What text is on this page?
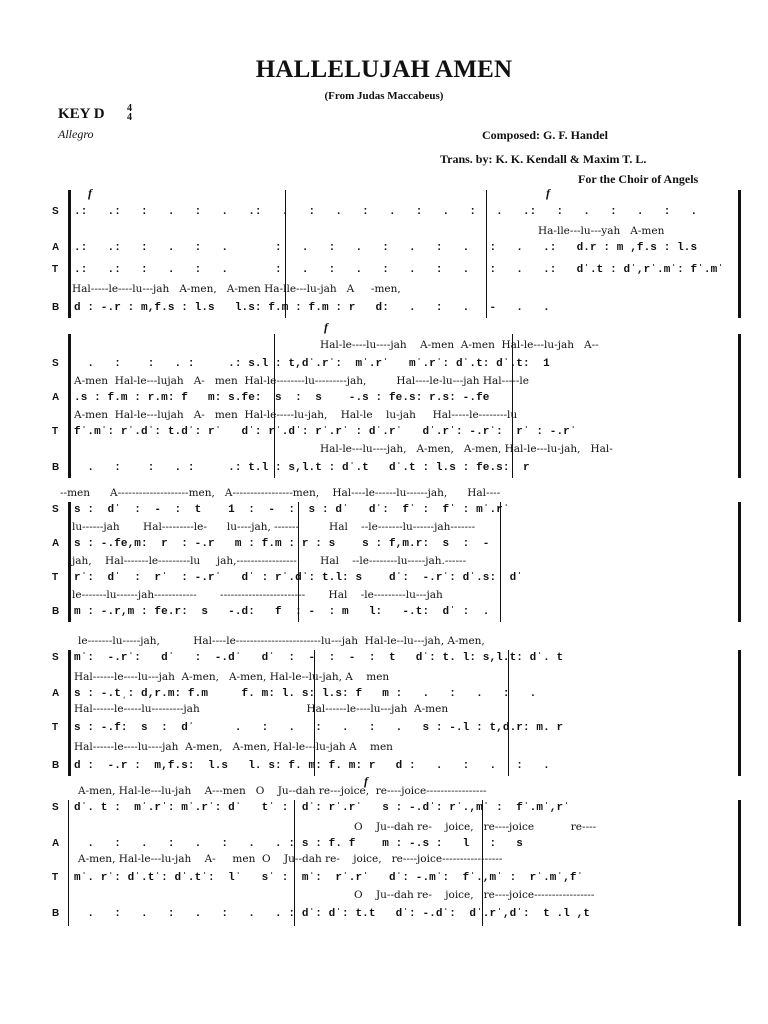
HALLELUJAH AMEN
(From Judas Maccabeus)
KEY D 4
4
Allegro	Composed: G. F. Handel
Trans. by: K. K. Kendall & Maxim T. L.
For the Choir of Angels
f	f
S	.:   .:   :   .   :   .   .:   .   :   .   :   .   :   .   :   .   .:   :   .   :   .   :   .
Ha-lle---lu---yah   A-men
A	.:   .:   :   .   :   .       :   .   :   .   :   .   :   .   :   .   .:   d.r : m ,f.s : l.s
T	.:   .:   :   .   :   .       :   .   :   .   :   .   :   .   :   .   .:   dˈ.t : dˈ,rˈ.mˈ: fˈ.mˈ
Hal-----le----lu---jah   A-men,   A-men Ha-lle---lu-jah   A     -men,
B	d : -.r : m,f.s : l.s   l.s: f.m : f.m : r   d:   .   :   .   -   .   .
f
Hal-le----lu----jah    A-men  A-men  Hal-le---lu-jah   A--
S	.   :    :   . :     .: s.l : t,dˈ.rˈ:  mˈ.rˈ   mˈ.rˈ: dˈ.t: dˈ.t:  1
A-men  Hal-le---lujah   A-   men  Hal-le--------lu---------jah,         Hal----le-lu---jah Hal-----le
A	.s : f.m : r.m: f   m: s.fe:  s  :  s    -.s : fe.s: r.s: -.fe
A-men  Hal-le---lujah   A-   men  Hal-le-----lu-jah,    Hal-le    lu-jah     Hal-----le--------lu
T	fˈ.mˈ: rˈ.dˈ: t.dˈ: rˈ   dˈ: rˈ.dˈ: rˈ.rˈ : dˈ.rˈ   dˈ.rˈ: -.rˈ:  rˈ : -.rˈ
Hal-le---lu----jah,   A-men,   A-men, Hal-le---lu-jah,   Hal-
B	.   :    :   . :     .: t.l : s,l.t : dˈ.t   dˈ.t : l.s : fe.s:  r
--men      A--------------------men,   A-----------------men,    Hal----le------lu------jah,      Hal----
S	s :  dˈ  :  -  :  t    1  :  -  :  s : dˈ   dˈ:  fˈ :  fˈ : mˈ.rˈ
lu------jah       Hal---------le-      lu----jah, -------         Hal    --le-------lu------jah-------
A	s : -.fe,m:  r  : -.r   m : f.m : r : s    s : f,m.r:  s  :  -
jah,    Hal-------le---------lu     jah,-----------------       Hal    --le--------lu-----jah.------
T	rˈ:  dˈ  :  rˈ  : -.rˈ   dˈ : rˈ.dˈ: t.l: s    dˈ:  -.rˈ: dˈ.s:  dˈ
le-------lu------jah------------       ------------------------       Hal    -le---------lu---jah
B	m : -.r,m : fe.r:  s   -.d:   f  : -  : m   l:   -.t:  dˈ :  .
le-------lu-----jah,          Hal----le------------------------lu---jah  Hal-le--lu---jah, A-men,
S	mˈ:  -.rˈ:   dˈ   :  -.dˈ   dˈ  :  -  :  -  :  t   dˈ: t. l: s,l.t: dˈ. t
Hal------le----lu---jah  A-men,   A-men, Hal-le--lu-jah, A    men
A	s : -.tˌ: d,r.m: f.m     f. m: l. s: l.s: f   m :   .   :   .   :   .
Hal------le-----lu---------jah                                Hal------le----lu---jah  A-men
T	s : -.f:  s  :  dˈ      .   :   .   :   .   :   .   s : -.l : t,d.r: m. r
Hal------le----lu----jah  A-men,   A-men, Hal-le---lu-jah A    men
B	d :  -.r :  m,f.s:  l.s   l. s: f. m: f. m: r   d :   .   :   .   :   .
f
A-men, Hal-le---lu-jah    A---men   O    Ju--dah re---joice,  re----joice-----------------
S	dˈ. t :  mˈ.rˈ: mˈ.rˈ: dˈ   tˈ :  dˈ: rˈ.rˈ   s : -.dˈ: rˈ.,mˈ :  fˈ.mˈ,rˈ
O    Ju--dah re-    joice,   re----joice           re----
A	.   :   .   :   .   :   .   . : s : f. f    m : -.s :   l   :   s
A-men, Hal-le---lu-jah    A-     men  O    Ju--dah re-    joice,   re----joice-----------------
T	mˈ. rˈ: dˈ.tˈ: dˈ.tˈ:  lˈ   sˈ :  mˈ:  rˈ.rˈ   dˈ: -.mˈ:  fˈ.,mˈ :  rˈ.mˈ,fˈ
O    Ju--dah re-    joice,   re----joice-----------------
B	.   :   .   :   .   :   .   . : dˈ: dˈ: t.t   dˈ: -.dˈ:  dˈ.rˈ,dˈ:  t .l ,t
